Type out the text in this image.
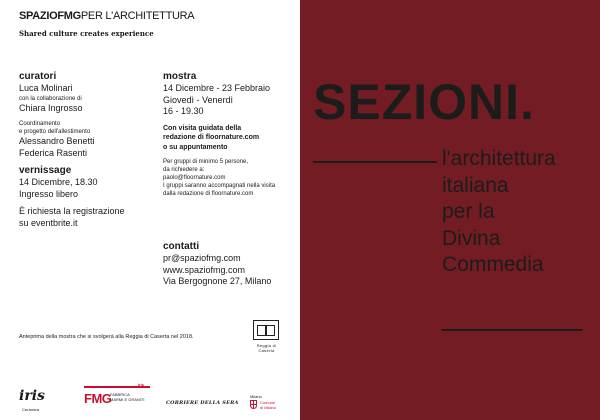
SPAZIOFMGPER L'ARCHITETTURA
Shared culture creates experience
curatori
Luca Molinari
con la collaborazione di
Chiara Ingrosso
Coordinamento
e progetto dell'allestimento
Alessandro Benetti
Federica Rasenti
vernissage
14 Dicembre, 18.30
Ingresso libero
È richiesta la registrazione
su eventbrite.it
mostra
14 Dicembre - 23 Febbraio
Giovedì - Venerdì
16 - 19.30
Con visita guidata della
redazione di floornature.com
o su appuntamento
Per gruppi di minimo 5 persone,
da richiedere a:
paolo@floornature.com
I gruppi saranno accompagnati nella visita
dalla redazione di floornature.com
contatti
pr@spaziofmg.com
www.spaziofmg.com
Via Bergognone 27, Milano
Anteprima della mostra che si svolgerà alla Reggia di Caserta nel 2018.
Reggia di Caserta
iris
Ceramica
iris
FMG
FABBRICA
MARMI E GRANITI
CORRIERE DELLA SERA
Milano
Comune
di Milano
SEZIONI.
l'architettura
italiana
per la
Divina
Commedia
